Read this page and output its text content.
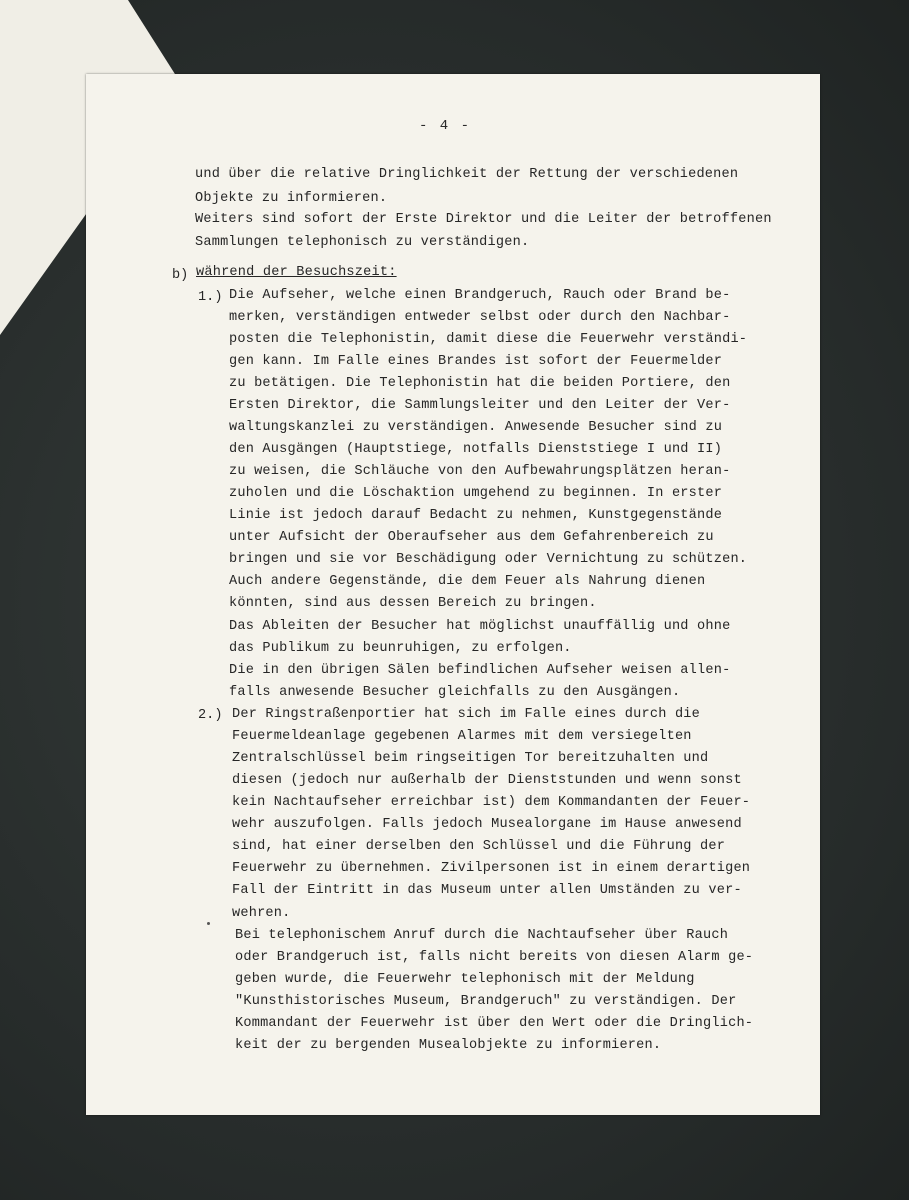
- 4 -
und über die relative Dringlichkeit der Rettung der verschiedenen
Objekte zu informieren.
Weiters sind sofort der Erste Direktor und die Leiter der betroffenen
Sammlungen telephonisch zu verständigen.
b) während der Besuchszeit:
1.) Die Aufseher, welche einen Brandgeruch, Rauch oder Brand be-
merken, verständigen entweder selbst oder durch den Nachbar-
posten die Telephonistin, damit diese die Feuerwehr verständi-
gen kann. Im Falle eines Brandes ist sofort der Feuermelder
zu betätigen. Die Telephonistin hat die beiden Portiere, den
Ersten Direktor, die Sammlungsleiter und den Leiter der Ver-
waltungskanzlei zu verständigen. Anwesende Besucher sind zu
den Ausgängen (Hauptstiege, notfalls Dienststiege I und II)
zu weisen, die Schläuche von den Aufbewahrungsplätzen heran-
zuholen und die Löschaktion umgehend zu beginnen. In erster
Linie ist jedoch darauf Bedacht zu nehmen, Kunstgegenstände
unter Aufsicht der Oberaufseher aus dem Gefahrenbereich zu
bringen und sie vor Beschädigung oder Vernichtung zu schützen.
Auch andere Gegenstände, die dem Feuer als Nahrung dienen
könnten, sind aus dessen Bereich zu bringen.
Das Ableiten der Besucher hat möglichst unauffällig und ohne
das Publikum zu beunruhigen, zu erfolgen.
Die in den übrigen Sälen befindlichen Aufseher weisen allen-
falls anwesende Besucher gleichfalls zu den Ausgängen.
2.) Der Ringstraßenportier hat sich im Falle eines durch die
Feuermeldeanlage gegebenen Alarmes mit dem versiegelten
Zentralschlüssel beim ringseitigen Tor bereitzuhalten und
diesen (jedoch nur außerhalb der Dienststunden und wenn sonst
kein Nachtaufseher erreichbar ist) dem Kommandanten der Feuer-
wehr auszufolgen. Falls jedoch Musealorgane im Hause anwesend
sind, hat einer derselben den Schlüssel und die Führung der
Feuerwehr zu übernehmen. Zivilpersonen ist in einem derartigen
Fall der Eintritt in das Museum unter allen Umständen zu ver-
wehren.
Bei telephonischem Anruf durch die Nachtaufseher über Rauch
oder Brandgeruch ist, falls nicht bereits von diesen Alarm ge-
geben wurde, die Feuerwehr telephonisch mit der Meldung
"Kunsthistorisches Museum, Brandgeruch" zu verständigen. Der
Kommandant der Feuerwehr ist über den Wert oder die Dringlich-
keit der zu bergenden Musealobjekte zu informieren.
